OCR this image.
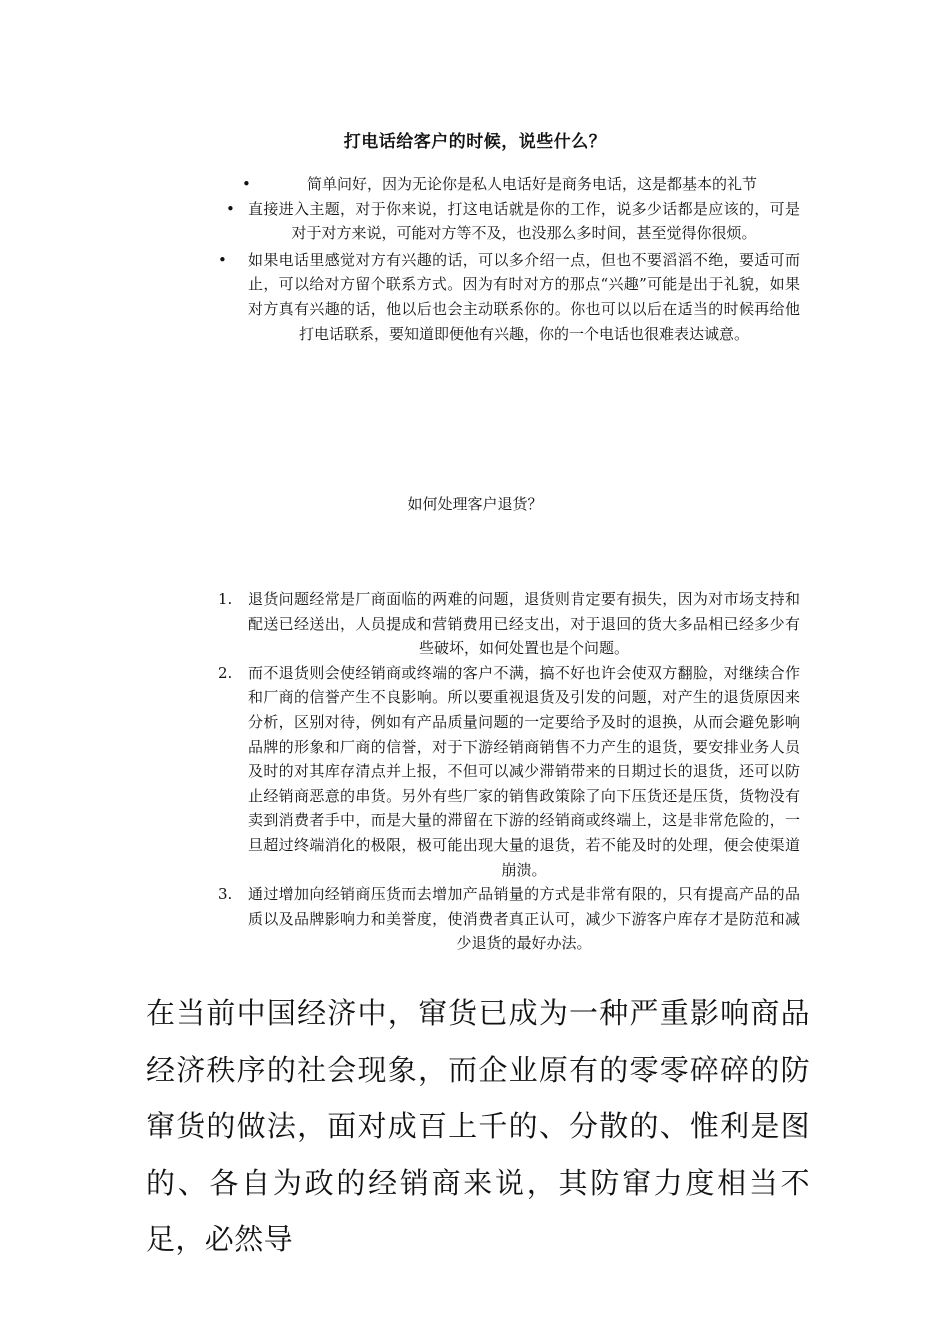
打电话给客户的时候，说些什么？
•	简单问好，因为无论你是私人电话好是商务电话，这是都基本的礼节
• 直接进入主题，对于你来说，打这电话就是你的工作，说多少话都是应该的，可是对于对方来说，可能对方等不及，也没那么多时间，甚至觉得你很烦。
• 如果电话里感觉对方有兴趣的话，可以多介绍一点，但也不要滔滔不绝，要适可而止，可以给对方留个联系方式。因为有时对方的那点“兴趣”可能是出于礼貌，如果对方真有兴趣的话，他以后也会主动联系你的。你也可以以后在适当的时候再给他打电话联系，要知道即便他有兴趣，你的一个电话也很难表达诚意。
如何处理客户退货？
1. 退货问题经常是厂商面临的两难的问题，退货则肯定要有损失，因为对市场支持和配送已经送出，人员提成和营销费用已经支出，对于退回的货大多品相已经多少有些破坏，如何处置也是个问题。
2. 而不退货则会使经销商或终端的客户不满，搞不好也许会使双方翻脸，对继续合作和厂商的信誉产生不良影响。所以要重视退货及引发的问题，对产生的退货原因来分析，区别对待，例如有产品质量问题的一定要给予及时的退换，从而会避免影响品牌的形象和厂商的信誉，对于下游经销商销售不力产生的退货，要安排业务人员及时的对其库存清点并上报，不但可以减少滞销带来的日期过长的退货，还可以防止经销商恶意的串货。另外有些厂家的销售政策除了向下压货还是压货，货物没有卖到消费者手中，而是大量的滞留在下游的经销商或终端上，这是非常危险的，一旦超过终端消化的极限，极可能出现大量的退货，若不能及时的处理，便会使渠道崩溃。
3. 通过增加向经销商压货而去增加产品销量的方式是非常有限的，只有提高产品的品质以及品牌影响力和美誉度，使消费者真正认可，减少下游客户库存才是防范和减少退货的最好办法。

在当前中国经济中，窜货已成为一种严重影响商品经济秩序的社会现象，而企业原有的零零碎碎的防窜货的做法，面对成百上千的、分散的、惟利是图的、各自为政的经销商来说，其防窜力度相当不足，必然导
